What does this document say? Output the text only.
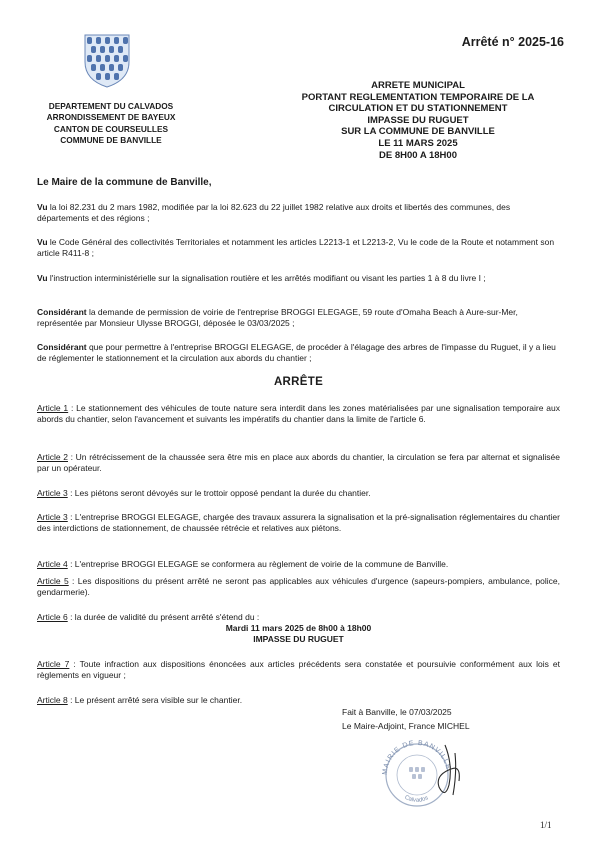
DEPARTEMENT DU CALVADOS
ARRONDISSEMENT DE BAYEUX
CANTON DE COURSEULLES
COMMUNE DE BANVILLE
Arrêté n° 2025-16
ARRETE MUNICIPAL
PORTANT REGLEMENTATION TEMPORAIRE DE LA
CIRCULATION ET DU STATIONNEMENT
IMPASSE DU RUGUET
SUR LA COMMUNE DE BANVILLE
LE 11 MARS 2025
DE 8H00 A 18H00
Le Maire de la commune de Banville,
Vu la loi 82.231 du 2 mars 1982, modifiée par la loi 82.623 du 22 juillet 1982 relative aux droits et libertés des communes, des départements et des régions ;
Vu le Code Général des collectivités Territoriales et notamment les articles L2213-1 et L2213-2, Vu le code de la Route et notamment son article R411-8 ;
Vu l'instruction interministérielle sur la signalisation routière et les arrêtés modifiant ou visant les parties 1 à 8 du livre I ;
Considérant la demande de permission de voirie de l'entreprise BROGGI ELEGAGE, 59 route d'Omaha Beach à Aure-sur-Mer, représentée par Monsieur Ulysse BROGGI, déposée le 03/03/2025 ;
Considérant que pour permettre à l'entreprise BROGGI ELEGAGE, de procéder à l'élagage des arbres de l'impasse du Ruguet, il y a lieu de réglementer le stationnement et la circulation aux abords du chantier ;
ARRÊTE
Article 1 : Le stationnement des véhicules de toute nature sera interdit dans les zones matérialisées par une signalisation temporaire aux abords du chantier, selon l'avancement et suivants les impératifs du chantier dans la limite de l'article 6.
Article 2 : Un rétrécissement de la chaussée sera être mis en place aux abords du chantier, la circulation se fera par alternat et signalisée par un opérateur.
Article 3 : Les piétons seront dévoyés sur le trottoir opposé pendant la durée du chantier.
Article 3 : L'entreprise BROGGI ELEGAGE, chargée des travaux assurera la signalisation et la pré-signalisation réglementaires du chantier des interdictions de stationnement, de chaussée rétrécie et relatives aux piétons.
Article 4 : L'entreprise BROGGI ELEGAGE se conformera au règlement de voirie de la commune de Banville.
Article 5 : Les dispositions du présent arrêté ne seront pas applicables aux véhicules d'urgence (sapeurs-pompiers, ambulance, police, gendarmerie).
Article 6 : la durée de validité du présent arrêté s'étend du :
Mardi 11 mars 2025 de 8h00 à 18h00
IMPASSE DU RUGUET
Article 7 : Toute infraction aux dispositions énoncées aux articles précédents sera constatée et poursuivie conformément aux lois et règlements en vigueur ;
Article 8 : Le présent arrêté sera visible sur le chantier.
Fait à Banville, le 07/03/2025
Le Maire-Adjoint, France MICHEL
MAIRIE DE BANVILLE
Calvados
1/1
